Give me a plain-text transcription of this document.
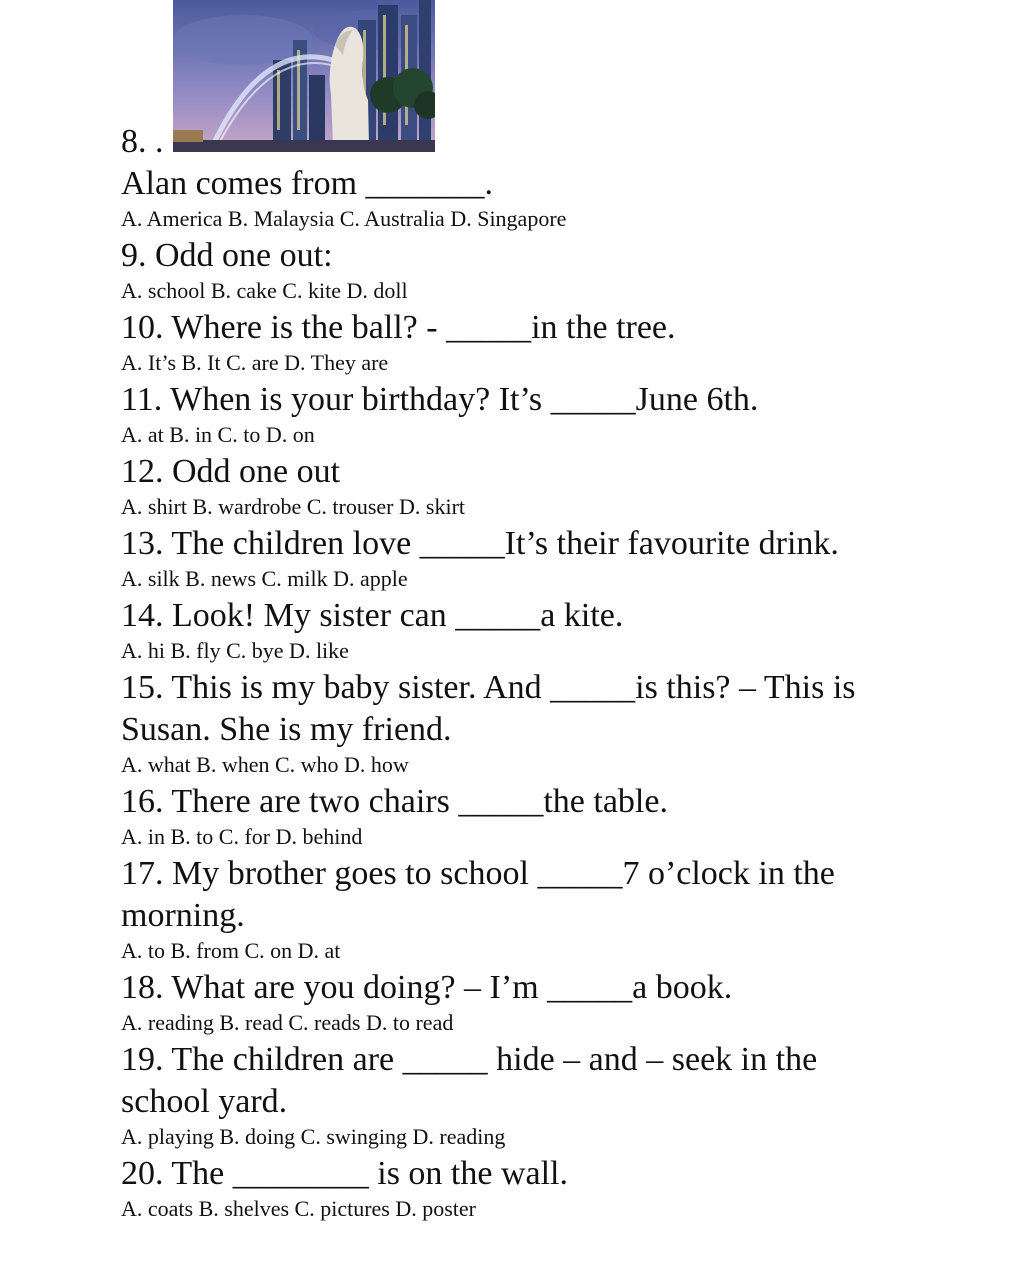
8. .
Alan comes from _______.
A. America B. Malaysia C. Australia D. Singapore
9. Odd one out:
A. school B. cake C. kite D. doll
10. Where is the ball? - _____in the tree.
A. It’s B. It C. are D. They are
11. When is your birthday? It’s _____June 6th.
A. at B. in C. to D. on
12. Odd one out
A. shirt B. wardrobe C. trouser D. skirt
13. The children love _____It’s their favourite drink.
A. silk B. news C. milk D. apple
14. Look! My sister can _____a kite.
A. hi B. fly C. bye D. like
15. This is my baby sister. And _____is this? – This is
Susan. She is my friend.
A. what B. when C. who D. how
16. There are two chairs _____the table.
A. in B. to C. for D. behind
17. My brother goes to school _____7 o’clock in the
morning.
A. to B. from C. on D. at
18. What are you doing? – I’m _____a book.
A. reading B. read C. reads D. to read
19. The children are _____ hide – and – seek in the
school yard.
A. playing B. doing C. swinging D. reading
20. The ________ is on the wall.
A. coats B. shelves C. pictures D. poster
